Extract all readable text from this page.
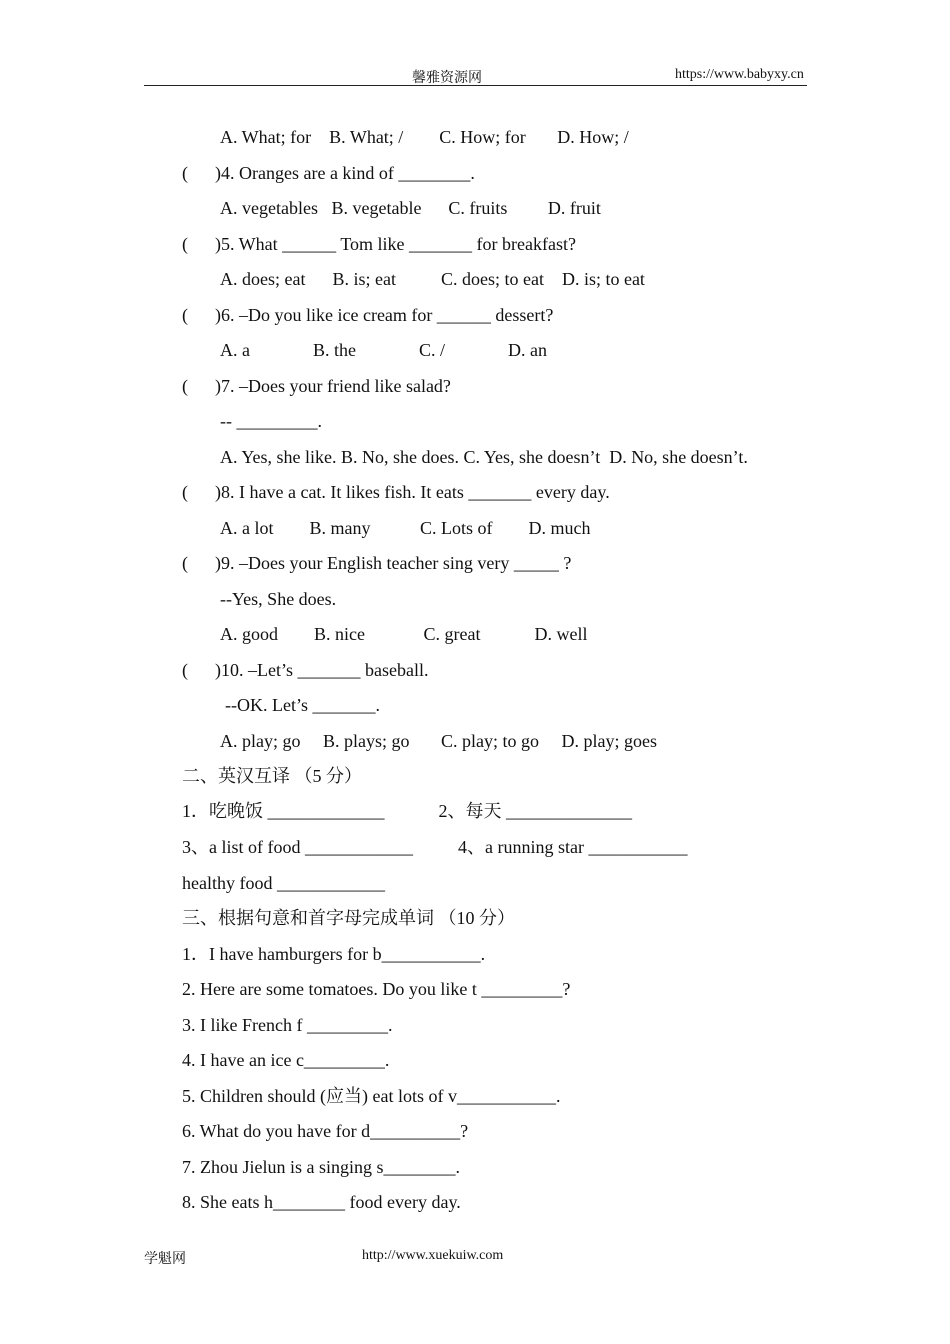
馨雅资源网	https://www.babyxy.cn
A. What; for    B. What; /        C. How; for       D. How; /
(      )4. Oranges are a kind of ________.
A. vegetables   B. vegetable      C. fruits         D. fruit
(      )5. What ______ Tom like _______ for breakfast?
A. does; eat      B. is; eat          C. does; to eat    D. is; to eat
(      )6. –Do you like ice cream for ______ dessert?
A. a              B. the              C. /              D. an
(      )7. –Does your friend like salad?
-- _________.
A. Yes, she like. B. No, she does. C. Yes, she doesn’t  D. No, she doesn’t.
(      )8. I have a cat. It likes fish. It eats _______ every day.
A. a lot        B. many           C. Lots of        D. much
(      )9. –Does your English teacher sing very _____ ?
--Yes, She does.
A. good        B. nice             C. great            D. well
(      )10. –Let’s _______ baseball.
--OK. Let’s _______.
A. play; go     B. plays; go       C. play; to go     D. play; goes
二、英汉互译 （5 分）
1．吃晚饭 _____________            2、每天 ______________
3、a list of food ____________          4、a running star ___________
healthy food ____________
三、根据句意和首字母完成单词 （10 分）
1．I have hamburgers for b___________.
2. Here are some tomatoes. Do you like t _________?
3. I like French f _________.
4. I have an ice c_________.
5. Children should (应当) eat lots of v___________.
6. What do you have for d__________?
7. Zhou Jielun is a singing s________.
8. She eats h________ food every day.
学魁网	http://www.xuekuiw.com
